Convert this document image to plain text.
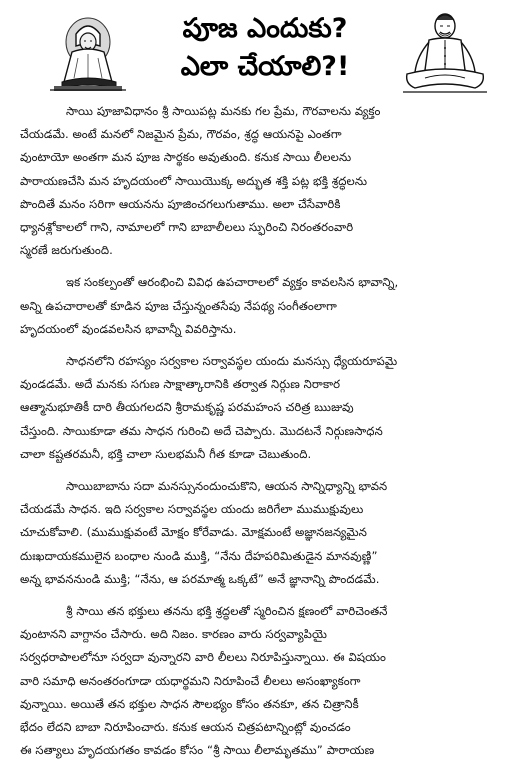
పూజ ఎందుకు?
ఎలా చేయాలి?!
సాయి పూజావిధానం శ్రీ సాయిపట్ల మనకు గల ప్రేమ, గౌరవాలను వ్యక్తం
చేయడమే. అంటే మనలో నిజమైన ప్రేమ, గౌరవం, శ్రద్ధ ఆయనపై ఎంతగా
వుంటాయో అంతగా మన పూజ సార్థకం అవుతుంది. కనుక సాయి లీలలను
పారాయణచేసి మన హృదయంలో సాయియొక్క అద్భుత శక్తి పట్ల భక్తి శ్రద్ధలను
పొందితే మనం సరిగా ఆయనను పూజించగలుగుతాము. అలా చేసేవారికి
ధ్యానశ్లోకాలలో గాని, నామాలలో గాని బాబాలీలలు స్ఫురించి నిరంతరంవారి
స్మరణే జరుగుతుంది.
ఇక సంకల్పంతో ఆరంభించి వివిధ ఉపచారాలలో వ్యక్తం కావలసిన భావాన్ని,
అన్ని ఉపచారాలతో కూడిన పూజ చేస్తున్నంతసేపు నేపథ్య సంగీతంలాగా
హృదయంలో వుండవలసిన భావాన్నీ వివరిస్తాను.
సాధనలోని రహస్యం సర్వకాల సర్వావస్థల యందు మనస్సు ధ్యేయరూపమై
వుండడమే. అదే మనకు సగుణ సాక్షాత్కారానికి తర్వాత నిర్గుణ నిరాకార
ఆత్మానుభూతికీ దారి తీయగలదని శ్రీరామకృష్ణ పరమహంస చరిత్ర ఋజువు
చేస్తుంది. సాయికూడా తమ సాధన గురించి అదే చెప్పారు. మొదటనే నిర్గుణసాధన
చాలా కష్టతరమనీ, భక్తి చాలా సులభమనీ గీత కూడా చెబుతుంది.
సాయిబాబాను సదా మనస్సునందుంచుకొని, ఆయన సాన్నిధ్యాన్ని భావన
చేయడమే సాధన. ఇది సర్వకాల సర్వావస్థల యందు జరిగేలా ముముక్షువులు
చూచుకోవాలి. (ముముక్షువంటే మోక్షం కోరేవాడు. మోక్షమంటే అజ్ఞానజన్యమైన
దుఃఖదాయకములైన బంధాల నుండి ముక్తి, “నేను దేహపరిమితుడైన మానవుణ్ణి”
అన్న భావననుండి ముక్తి; “నేను, ఆ పరమాత్మ ఒక్కటే” అనే జ్ఞానాన్ని పొందడమే.
శ్రీ సాయి తన భక్తులు తనను భక్తి శ్రద్ధలతో స్మరించిన క్షణంలో వారిచెంతనే
వుంటానని వాగ్దానం చేసారు. అది నిజం. కారణం వారు సర్వవ్యాపియై
సర్వధరాపాలలోనూ సర్వదా వున్నారని వారి లీలలు నిరూపిస్తున్నాయి. ఈ విషయం
వారి సమాధి అనంతరంగూడా యధార్థమని నిరూపించే లీలలు అసంఖ్యాకంగా
వున్నాయి. అయితే తన భక్తుల సాధన సౌలభ్యం కోసం తనకూ, తన చిత్రానికీ
భేదం లేదని బాబా నిరూపించారు. కనుక ఆయన చిత్రపటాన్నింట్లో వుంచడం
ఈ సత్యాలు హృదయగతం కావడం కోసం “శ్రీ సాయి లీలామృతము” పారాయణ
